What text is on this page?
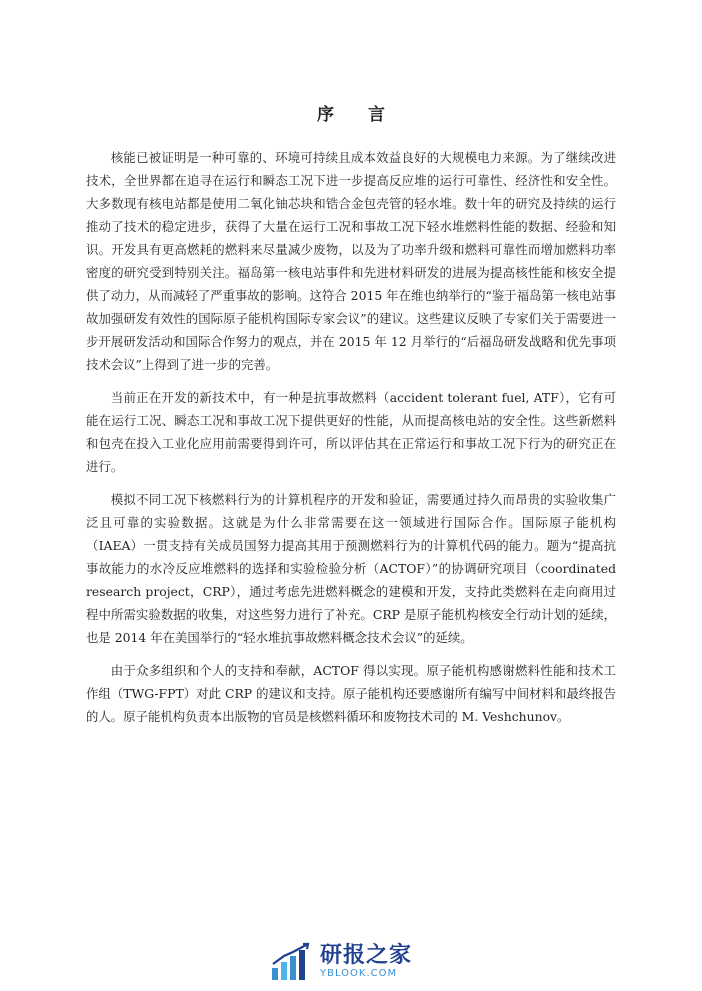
序 言

核能已被证明是一种可靠的、环境可持续且成本效益良好的大规模电力来源。为了继续改进技术，全世界都在追寻在运行和瞬态工况下进一步提高反应堆的运行可靠性、经济性和安全性。大多数现有核电站都是使用二氧化铀芯块和锆合金包壳管的轻水堆。数十年的研究及持续的运行推动了技术的稳定进步，获得了大量在运行工况和事故工况下轻水堆燃料性能的数据、经验和知识。开发具有更高燃耗的燃料来尽量减少废物，以及为了功率升级和燃料可靠性而增加燃料功率密度的研究受到特别关注。福岛第一核电站事件和先进材料研发的进展为提高核性能和核安全提供了动力，从而减轻了严重事故的影响。这符合 2015 年在维也纳举行的“鉴于福岛第一核电站事故加强研发有效性的国际原子能机构国际专家会议”的建议。这些建议反映了专家们关于需要进一步开展研发活动和国际合作努力的观点，并在 2015 年 12 月举行的“后福岛研发战略和优先事项技术会议”上得到了进一步的完善。

当前正在开发的新技术中，有一种是抗事故燃料（accident tolerant fuel, ATF），它有可能在运行工况、瞬态工况和事故工况下提供更好的性能，从而提高核电站的安全性。这些新燃料和包壳在投入工业化应用前需要得到许可，所以评估其在正常运行和事故工况下行为的研究正在进行。

模拟不同工况下核燃料行为的计算机程序的开发和验证，需要通过持久而昂贵的实验收集广泛且可靠的实验数据。这就是为什么非常需要在这一领域进行国际合作。国际原子能机构（IAEA）一贯支持有关成员国努力提高其用于预测燃料行为的计算机代码的能力。题为“提高抗事故能力的水冷反应堆燃料的选择和实验检验分析（ACTOF）”的协调研究项目（coordinated research project，CRP），通过考虑先进燃料概念的建模和开发，支持此类燃料在走向商用过程中所需实验数据的收集，对这些努力进行了补充。CRP 是原子能机构核安全行动计划的延续，也是 2014 年在美国举行的“轻水堆抗事故燃料概念技术会议”的延续。

由于众多组织和个人的支持和奉献，ACTOF 得以实现。原子能机构感谢燃料性能和技术工作组（TWG-FPT）对此 CRP 的建议和支持。原子能机构还要感谢所有编写中间材料和最终报告的人。原子能机构负责本出版物的官员是核燃料循环和废物技术司的 M. Veshchunov。

研报之家
YBLOOK.COM
